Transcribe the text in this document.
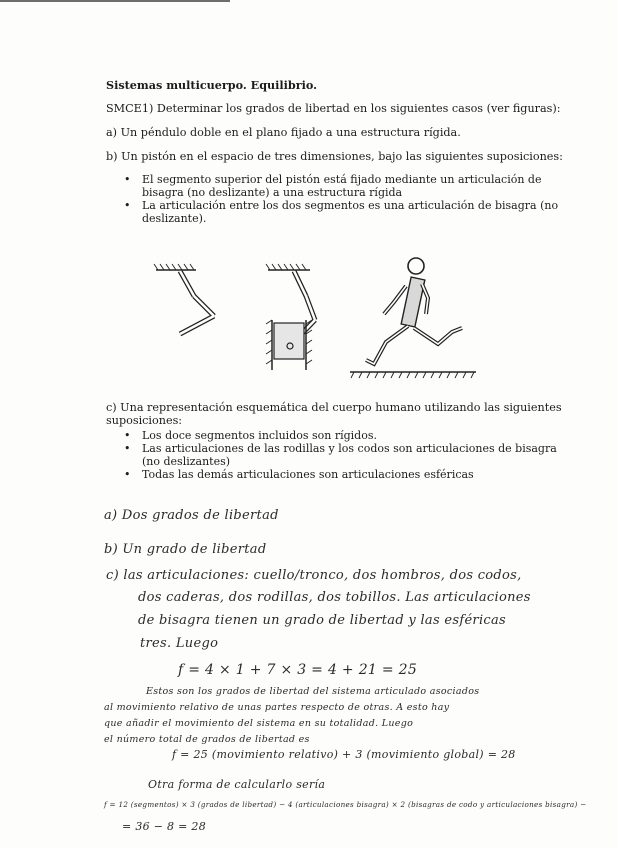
Sistemas multicuerpo. Equilibrio.
SMCE1) Determinar los grados de libertad en los siguientes casos (ver figuras):
a) Un péndulo doble en el plano fijado a una estructura rígida.
b) Un pistón en el espacio de tres dimensiones, bajo las siguientes suposiciones:
• El segmento superior del pistón está fijado mediante un articulación de
bisagra (no deslizante) a una estructura rígida
• La articulación entre los dos segmentos es una articulación de bisagra (no
deslizante).
c) Una representación esquemática del cuerpo humano utilizando las siguientes
suposiciones:
• Los doce segmentos incluidos son rígidos.
• Las articulaciones de las rodillas y los codos son articulaciones de bisagra
(no deslizantes)
• Todas las demás articulaciones son articulaciones esféricas
a) Dos grados de libertad
b) Un grado de libertad
c) las articulaciones: cuello/tronco, dos hombros, dos codos,
dos caderas, dos rodillas, dos tobillos. Las articulaciones
de bisagra tienen un grado de libertad y las esféricas
tres. Luego
f = 4 × 1 + 7 × 3 = 4 + 21 = 25
Estos son los grados de libertad del sistema articulado asociados
al movimiento relativo de unas partes respecto de otras. A esto hay
que añadir el movimiento del sistema en su totalidad. Luego
el número total de grados de libertad es
f = 25 (movimiento relativo) + 3 (movimiento global) = 28
Otra forma de calcularlo sería
f = 12 (segmentos) × 3 (grados de libertad) − 4 (articulaciones bisagra) × 2 (bisagras de codo y articulaciones bisagra) −
= 36 − 8 = 28
